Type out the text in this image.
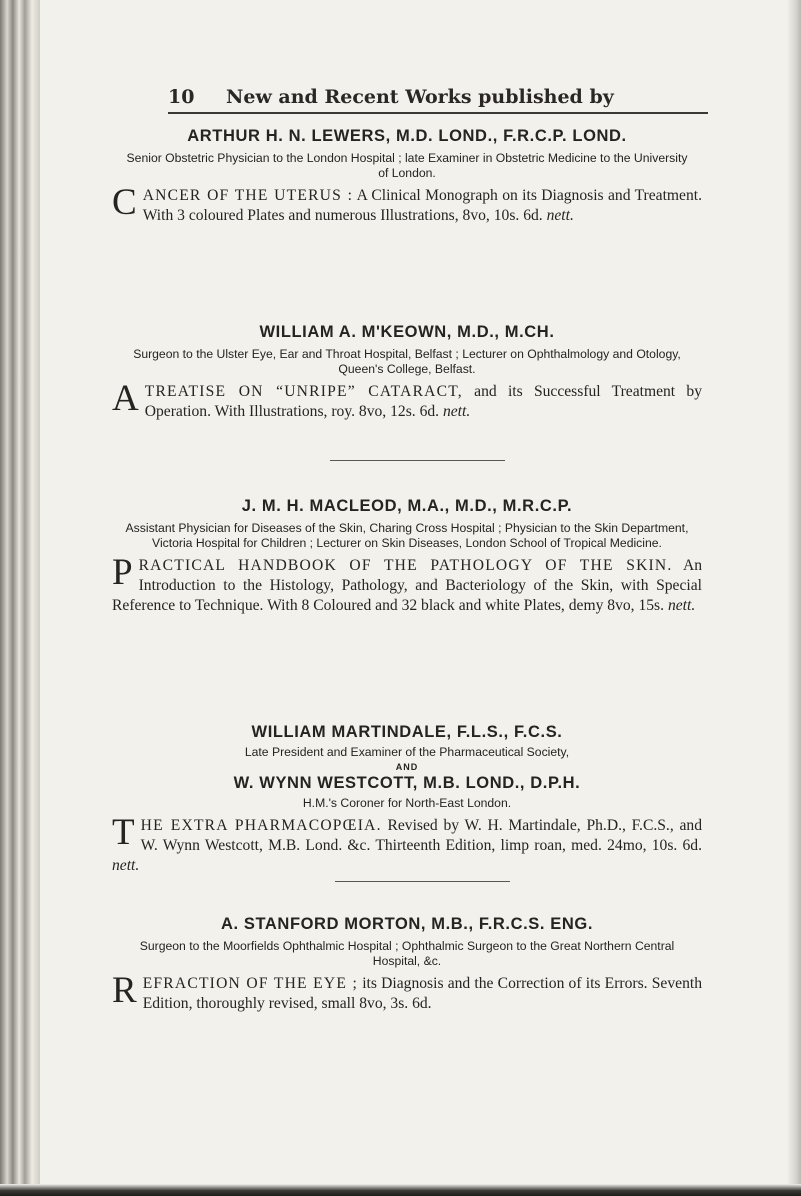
10 New and Recent Works published by

ARTHUR H. N. LEWERS, M.D. LOND., F.R.C.P. LOND.

Senior Obstetric Physician to the London Hospital ; late Examiner in Obstetric Medicine to the University of London.

CANCER OF THE UTERUS : A Clinical Monograph on its Diagnosis and Treatment. With 3 coloured Plates and numerous Illustrations, 8vo, 10s. 6d. nett.

WILLIAM A. M'KEOWN, M.D., M.CH.

Surgeon to the Ulster Eye, Ear and Throat Hospital, Belfast ; Lecturer on Ophthalmology and Otology, Queen's College, Belfast.

ATREATISE ON “UNRIPE” CATARACT, and its Successful Treatment by Operation. With Illustrations, roy. 8vo, 12s. 6d. nett.

J. M. H. MACLEOD, M.A., M.D., M.R.C.P.

Assistant Physician for Diseases of the Skin, Charing Cross Hospital ; Physician to the Skin Department, Victoria Hospital for Children ; Lecturer on Skin Diseases, London School of Tropical Medicine.

PRACTICAL HANDBOOK OF THE PATHOLOGY OF THE SKIN. An Introduction to the Histology, Pathology, and Bacteriology of the Skin, with Special Reference to Technique. With 8 Coloured and 32 black and white Plates, demy 8vo, 15s. nett.

WILLIAM MARTINDALE, F.L.S., F.C.S.

Late President and Examiner of the Pharmaceutical Society,

AND

W. WYNN WESTCOTT, M.B. LOND., D.P.H.

H.M.'s Coroner for North-East London.

THE EXTRA PHARMACOPŒIA. Revised by W. H. Martindale, Ph.D., F.C.S., and W. Wynn Westcott, M.B. Lond. &c. Thirteenth Edition, limp roan, med. 24mo, 10s. 6d. nett.

A. STANFORD MORTON, M.B., F.R.C.S. ENG.

Surgeon to the Moorfields Ophthalmic Hospital ; Ophthalmic Surgeon to the Great Northern Central Hospital, &c.

REFRACTION OF THE EYE ; its Diagnosis and the Correction of its Errors. Seventh Edition, thoroughly revised, small 8vo, 3s. 6d.
